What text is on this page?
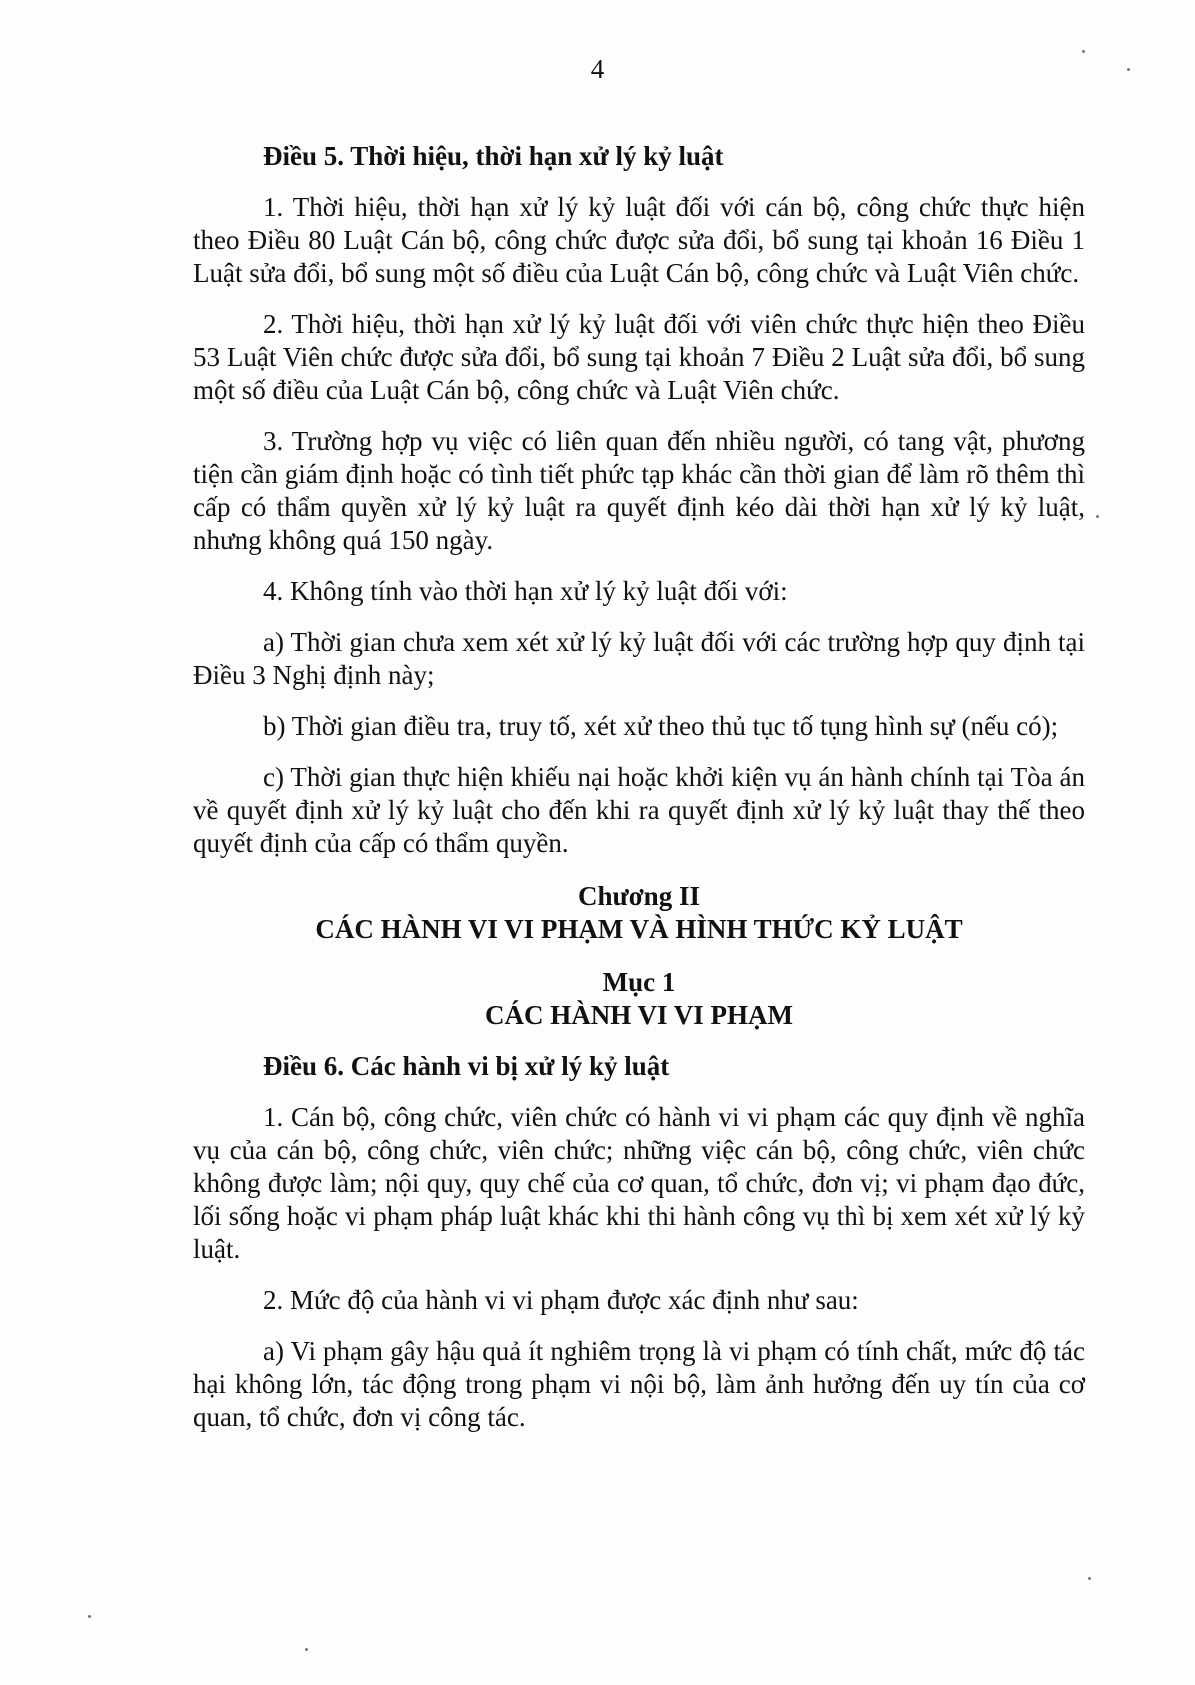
4
Điều 5. Thời hiệu, thời hạn xử lý kỷ luật

1. Thời hiệu, thời hạn xử lý kỷ luật đối với cán bộ, công chức thực hiện theo Điều 80 Luật Cán bộ, công chức được sửa đổi, bổ sung tại khoản 16 Điều 1 Luật sửa đổi, bổ sung một số điều của Luật Cán bộ, công chức và Luật Viên chức.

2. Thời hiệu, thời hạn xử lý kỷ luật đối với viên chức thực hiện theo Điều 53 Luật Viên chức được sửa đổi, bổ sung tại khoản 7 Điều 2 Luật sửa đổi, bổ sung một số điều của Luật Cán bộ, công chức và Luật Viên chức.

3. Trường hợp vụ việc có liên quan đến nhiều người, có tang vật, phương tiện cần giám định hoặc có tình tiết phức tạp khác cần thời gian để làm rõ thêm thì cấp có thẩm quyền xử lý kỷ luật ra quyết định kéo dài thời hạn xử lý kỷ luật, nhưng không quá 150 ngày.

4. Không tính vào thời hạn xử lý kỷ luật đối với:

a) Thời gian chưa xem xét xử lý kỷ luật đối với các trường hợp quy định tại Điều 3 Nghị định này;

b) Thời gian điều tra, truy tố, xét xử theo thủ tục tố tụng hình sự (nếu có);

c) Thời gian thực hiện khiếu nại hoặc khởi kiện vụ án hành chính tại Tòa án về quyết định xử lý kỷ luật cho đến khi ra quyết định xử lý kỷ luật thay thế theo quyết định của cấp có thẩm quyền.

Chương II
CÁC HÀNH VI VI PHẠM VÀ HÌNH THỨC KỶ LUẬT
Mục 1
CÁC HÀNH VI VI PHẠM
Điều 6. Các hành vi bị xử lý kỷ luật

1. Cán bộ, công chức, viên chức có hành vi vi phạm các quy định về nghĩa vụ của cán bộ, công chức, viên chức; những việc cán bộ, công chức, viên chức không được làm; nội quy, quy chế của cơ quan, tổ chức, đơn vị; vi phạm đạo đức, lối sống hoặc vi phạm pháp luật khác khi thi hành công vụ thì bị xem xét xử lý kỷ luật.

2. Mức độ của hành vi vi phạm được xác định như sau:

a) Vi phạm gây hậu quả ít nghiêm trọng là vi phạm có tính chất, mức độ tác hại không lớn, tác động trong phạm vi nội bộ, làm ảnh hưởng đến uy tín của cơ quan, tổ chức, đơn vị công tác.
